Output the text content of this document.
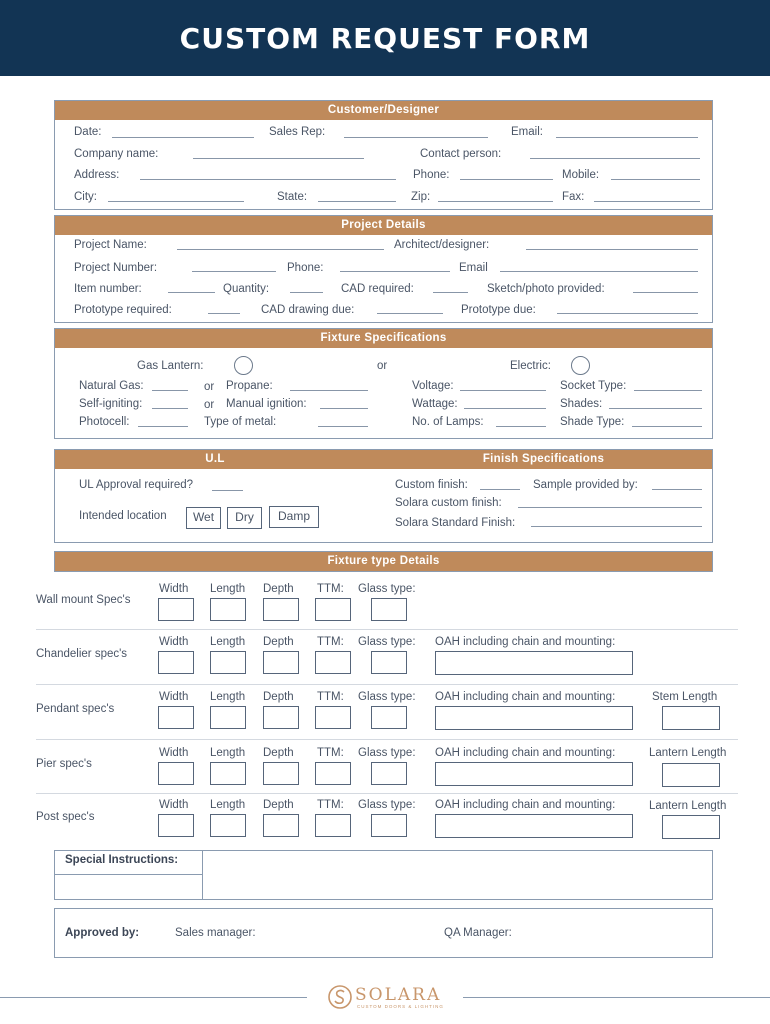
CUSTOM REQUEST FORM
Customer/Designer
Date:	Sales Rep:	Email:
Company name:	Contact person:
Address:	Phone:	Mobile:
City:	State:	Zip:	Fax:
Project Details
Project Name:	Architect/designer:
Project Number:	Phone:	Email
Item number:	Quantity:	CAD required:	Sketch/photo provided:
Prototype required:	CAD drawing due:	Prototype due:
Fixture Specifications
Gas Lantern:	or	Electric:
Natural Gas:	or Propane:	Voltage:	Socket Type:
Self-igniting:	or Manual ignition:	Wattage:	Shades:
Photocell:	Type of metal:	No. of Lamps:	Shade Type:
U.L	Finish Specifications
UL Approval required?
Intended location	Wet	Dry	Damp
Custom finish:	Sample provided by:
Solara custom finish:
Solara Standard Finish:
Fixture type Details
Wall mount Spec's
Width Length Depth TTM: Glass type:
Chandelier spec's
Width Length Depth TTM: Glass type: OAH including chain and mounting:
Pendant spec's
Width Length Depth TTM: Glass type: OAH including chain and mounting:	Stem Length
Pier spec's
Width Length Depth TTM: Glass type: OAH including chain and mounting:	Lantern Length
Post spec's
Width Length Depth TTM: Glass type: OAH including chain and mounting:	Lantern Length
Special Instructions:
Approved by:	Sales manager:	QA Manager:
SOLARA
CUSTOM DOORS & LIGHTING
